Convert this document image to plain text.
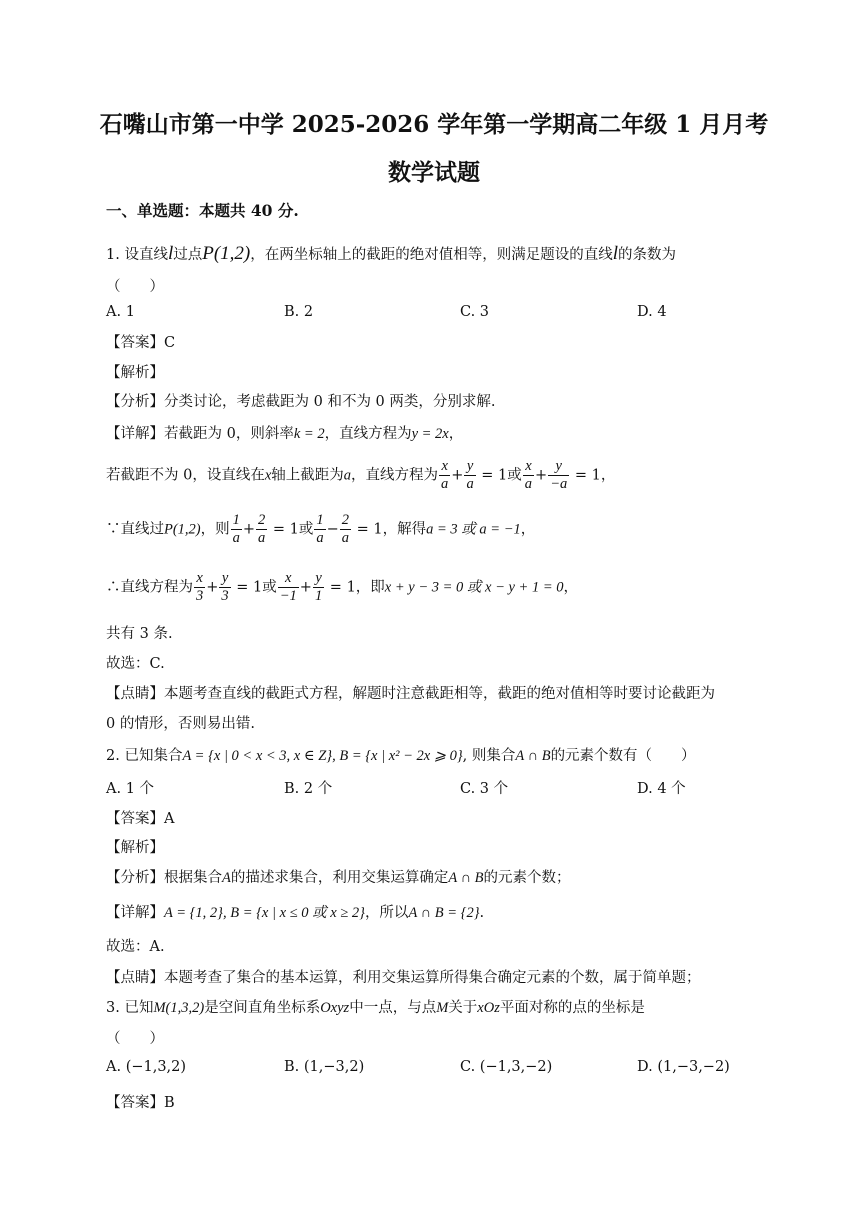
石嘴山市第一中学 2025-2026 学年第一学期高二年级 1 月月考
数学试题
一、单选题：本题共 40 分.
1. 设直线l过点P(1,2)，在两坐标轴上的截距的绝对值相等，则满足题设的直线l的条数为
（　　）
A. 1	B. 2	C. 3	D. 4
【答案】C
【解析】
【分析】分类讨论，考虑截距为 0 和不为 0 两类，分别求解.
【详解】若截距为 0，则斜率k = 2，直线方程为y = 2x，
若截距不为 0，设直线在x轴上截距为a，直线方程为 $\frac{x}{a} + \frac{y}{a} = 1$或 $\frac{x}{a} + \frac{y}{-a} = 1$，
∵直线过P(1,2)，则 $\frac{1}{a} + \frac{2}{a} = 1$或 $\frac{1}{a} - \frac{2}{a} = 1$，解得a = 3 或 a = −1，
∴直线方程为 $\frac{x}{3} + \frac{y}{3} = 1$或 $\frac{x}{-1} + \frac{y}{1} = 1$，即x + y − 3 = 0 或 x − y + 1 = 0，
共有 3 条.
故选：C.
【点睛】本题考查直线的截距式方程，解题时注意截距相等，截距的绝对值相等时要讨论截距为
0 的情形，否则易出错.
2. 已知集合A = {x | 0 < x < 3, x ∈ Z}, B = {x | x² − 2x ⩾ 0}, 则集合A ∩ B的元素个数有（　　）
A. 1 个	B. 2 个	C. 3 个	D. 4 个
【答案】A
【解析】
【分析】根据集合A的描述求集合，利用交集运算确定A ∩ B的元素个数；
【详解】A = {1, 2}, B = {x | x ≤ 0 或 x ≥ 2}，所以A ∩ B = {2}.
故选：A.
【点睛】本题考查了集合的基本运算，利用交集运算所得集合确定元素的个数，属于简单题；
3. 已知M(1,3,2)是空间直角坐标系Oxyz中一点，与点M关于xOz平面对称的点的坐标是
（　　）
A. (−1,3,2)	B. (1,−3,2)	C. (−1,3,−2)	D. (1,−3,−2)
【答案】B
